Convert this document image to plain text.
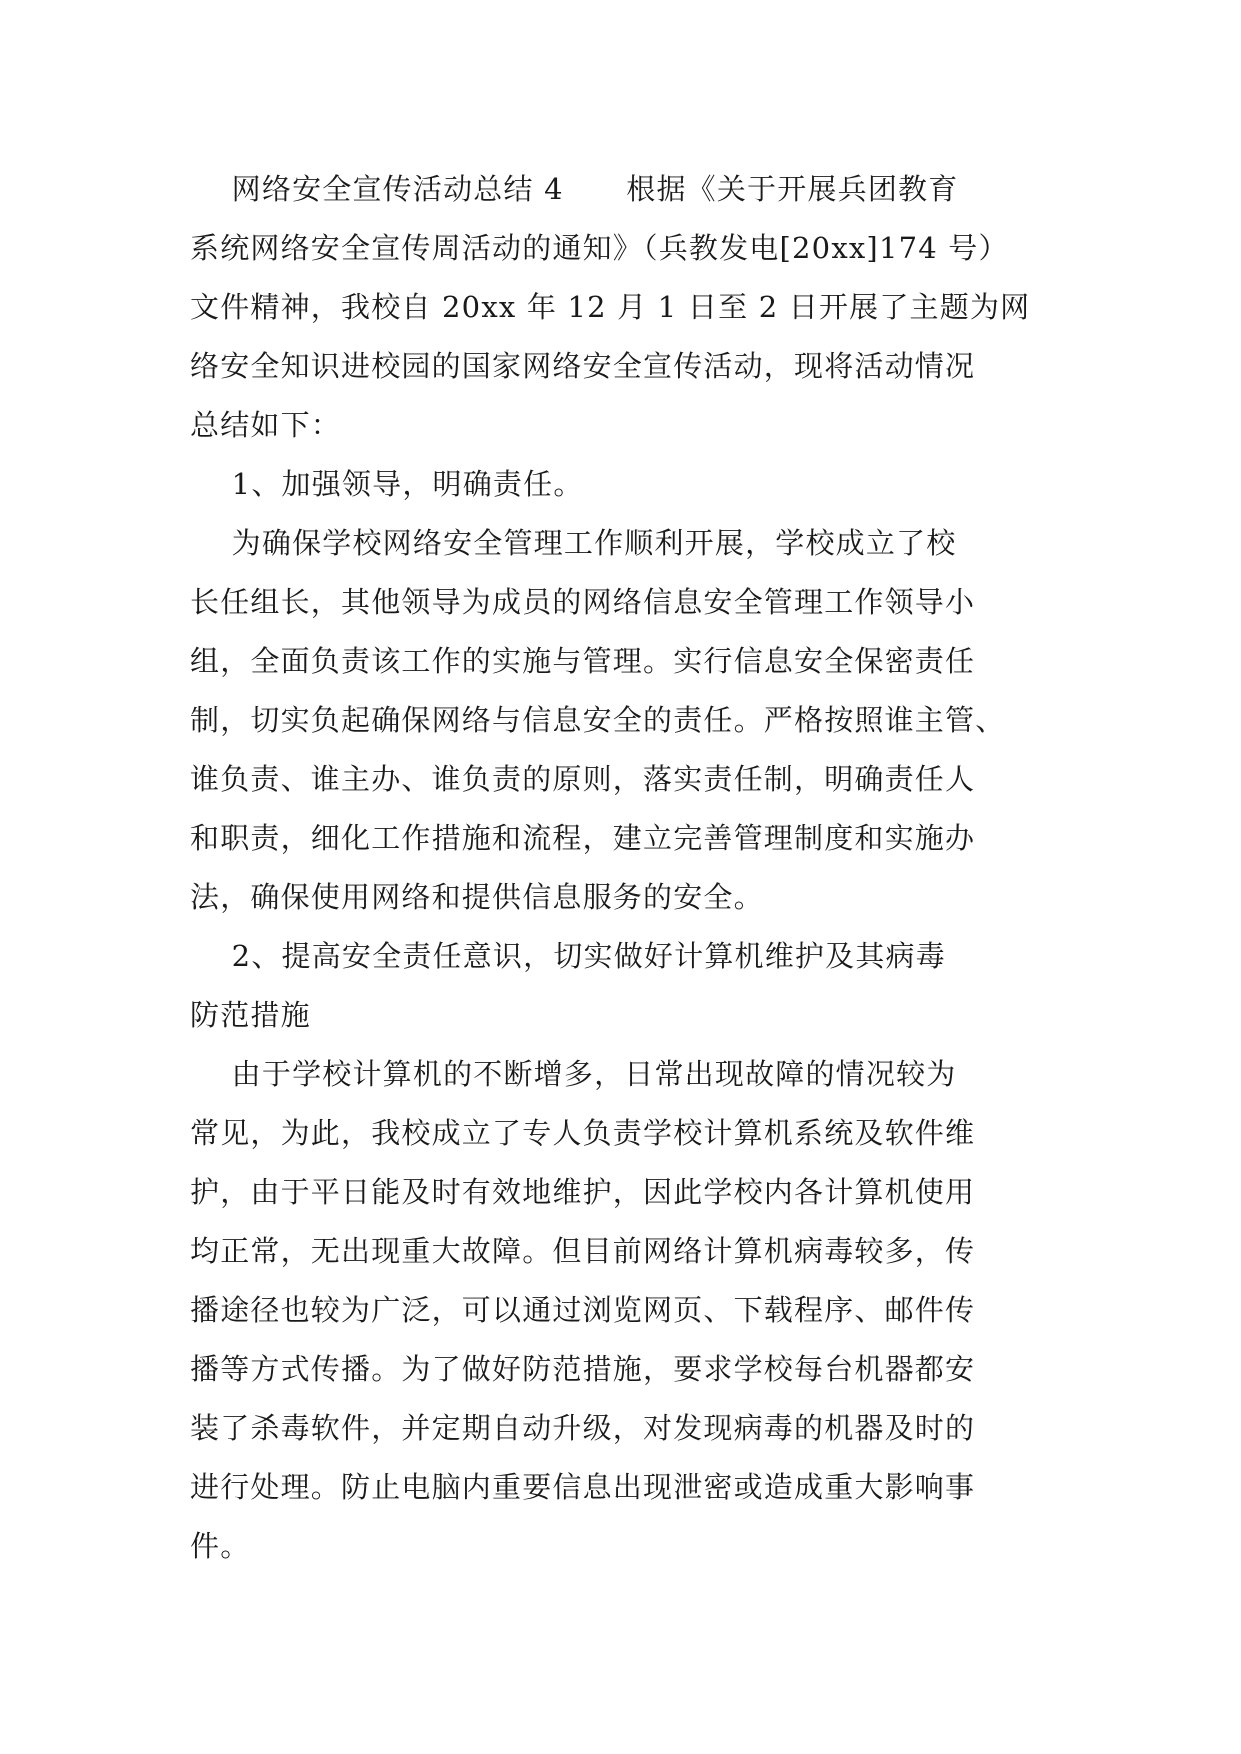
网络安全宣传活动总结 4      根据《关于开展兵团教育
系统网络安全宣传周活动的通知》（兵教发电[20xx]174 号）
文件精神，我校自 20xx 年 12 月 1 日至 2 日开展了主题为网
络安全知识进校园的国家网络安全宣传活动，现将活动情况
总结如下：
1、加强领导，明确责任。
为确保学校网络安全管理工作顺利开展，学校成立了校
长任组长，其他领导为成员的网络信息安全管理工作领导小
组，全面负责该工作的实施与管理。实行信息安全保密责任
制，切实负起确保网络与信息安全的责任。严格按照谁主管、
谁负责、谁主办、谁负责的原则，落实责任制，明确责任人
和职责，细化工作措施和流程，建立完善管理制度和实施办
法，确保使用网络和提供信息服务的安全。
2、提高安全责任意识，切实做好计算机维护及其病毒
防范措施
由于学校计算机的不断增多，日常出现故障的情况较为
常见，为此，我校成立了专人负责学校计算机系统及软件维
护，由于平日能及时有效地维护，因此学校内各计算机使用
均正常，无出现重大故障。但目前网络计算机病毒较多，传
播途径也较为广泛，可以通过浏览网页、下载程序、邮件传
播等方式传播。为了做好防范措施，要求学校每台机器都安
装了杀毒软件，并定期自动升级，对发现病毒的机器及时的
进行处理。防止电脑内重要信息出现泄密或造成重大影响事
件。
